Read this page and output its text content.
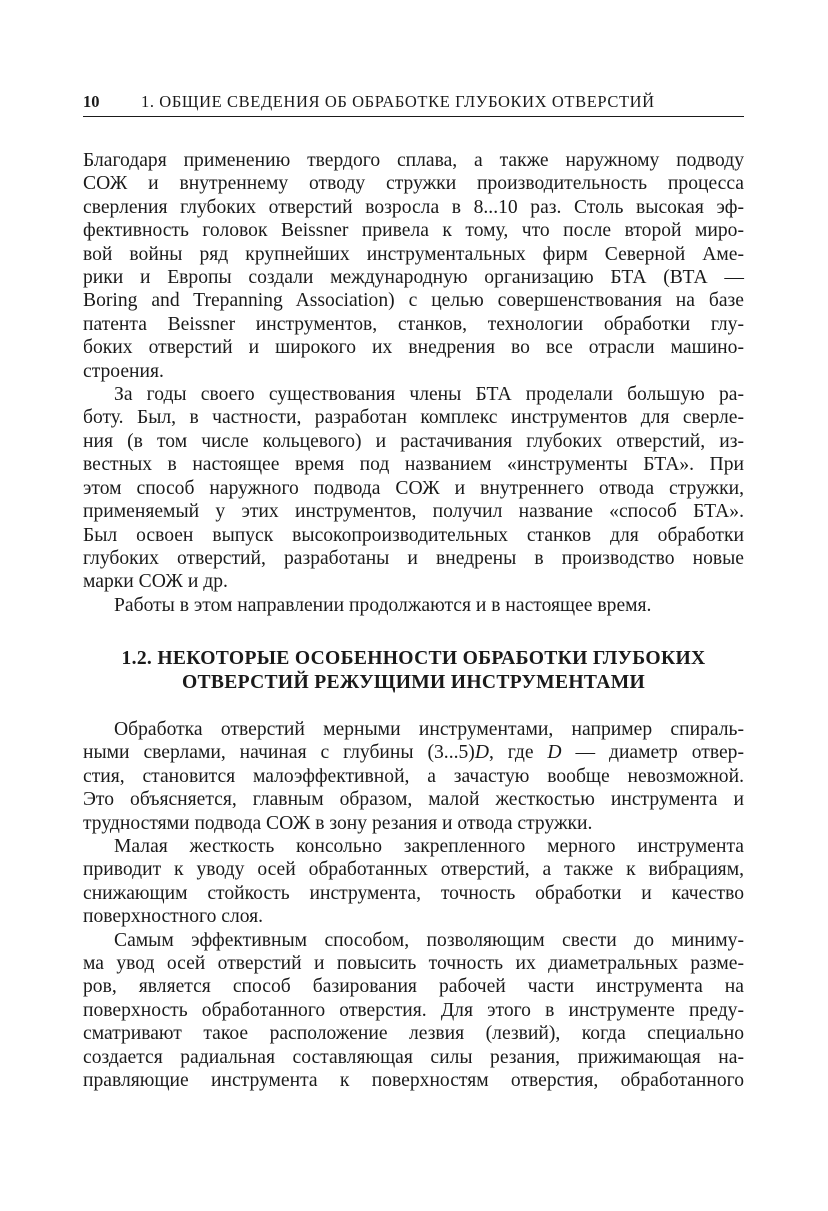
10	1. ОБЩИЕ СВЕДЕНИЯ ОБ ОБРАБОТКЕ ГЛУБОКИХ ОТВЕРСТИЙ

Благодаря применению твердого сплава, а также наружному подводу
СОЖ и внутреннему отводу стружки производительность процесса
сверления глубоких отверстий возросла в 8...10 раз. Столь высокая эф-
фективность головок Beissner привела к тому, что после второй миро-
вой войны ряд крупнейших инструментальных фирм Северной Аме-
рики и Европы создали международную организацию БТА (ВТА —
Boring and Trepanning Association) с целью совершенствования на базе
патента Beissner инструментов, станков, технологии обработки глу-
боких отверстий и широкого их внедрения во все отрасли машино-
строения.

За годы своего существования члены БТА проделали большую ра-
боту. Был, в частности, разработан комплекс инструментов для сверле-
ния (в том числе кольцевого) и растачивания глубоких отверстий, из-
вестных в настоящее время под названием «инструменты БТА». При
этом способ наружного подвода СОЖ и внутреннего отвода стружки,
применяемый у этих инструментов, получил название «способ БТА».
Был освоен выпуск высокопроизводительных станков для обработки
глубоких отверстий, разработаны и внедрены в производство новые
марки СОЖ и др.

Работы в этом направлении продолжаются и в настоящее время.

1.2. НЕКОТОРЫЕ ОСОБЕННОСТИ ОБРАБОТКИ ГЛУБОКИХ
ОТВЕРСТИЙ РЕЖУЩИМИ ИНСТРУМЕНТАМИ

Обработка отверстий мерными инструментами, например спираль-
ными сверлами, начиная с глубины (3...5)D, где D — диаметр отвер-
стия, становится малоэффективной, а зачастую вообще невозможной.
Это объясняется, главным образом, малой жесткостью инструмента и
трудностями подвода СОЖ в зону резания и отвода стружки.

Малая жесткость консольно закрепленного мерного инструмента
приводит к уводу осей обработанных отверстий, а также к вибрациям,
снижающим стойкость инструмента, точность обработки и качество
поверхностного слоя.

Самым эффективным способом, позволяющим свести до миниму-
ма увод осей отверстий и повысить точность их диаметральных разме-
ров, является способ базирования рабочей части инструмента на
поверхность обработанного отверстия. Для этого в инструменте преду-
сматривают такое расположение лезвия (лезвий), когда специально
создается радиальная составляющая силы резания, прижимающая на-
правляющие инструмента к поверхностям отверстия, обработанного
